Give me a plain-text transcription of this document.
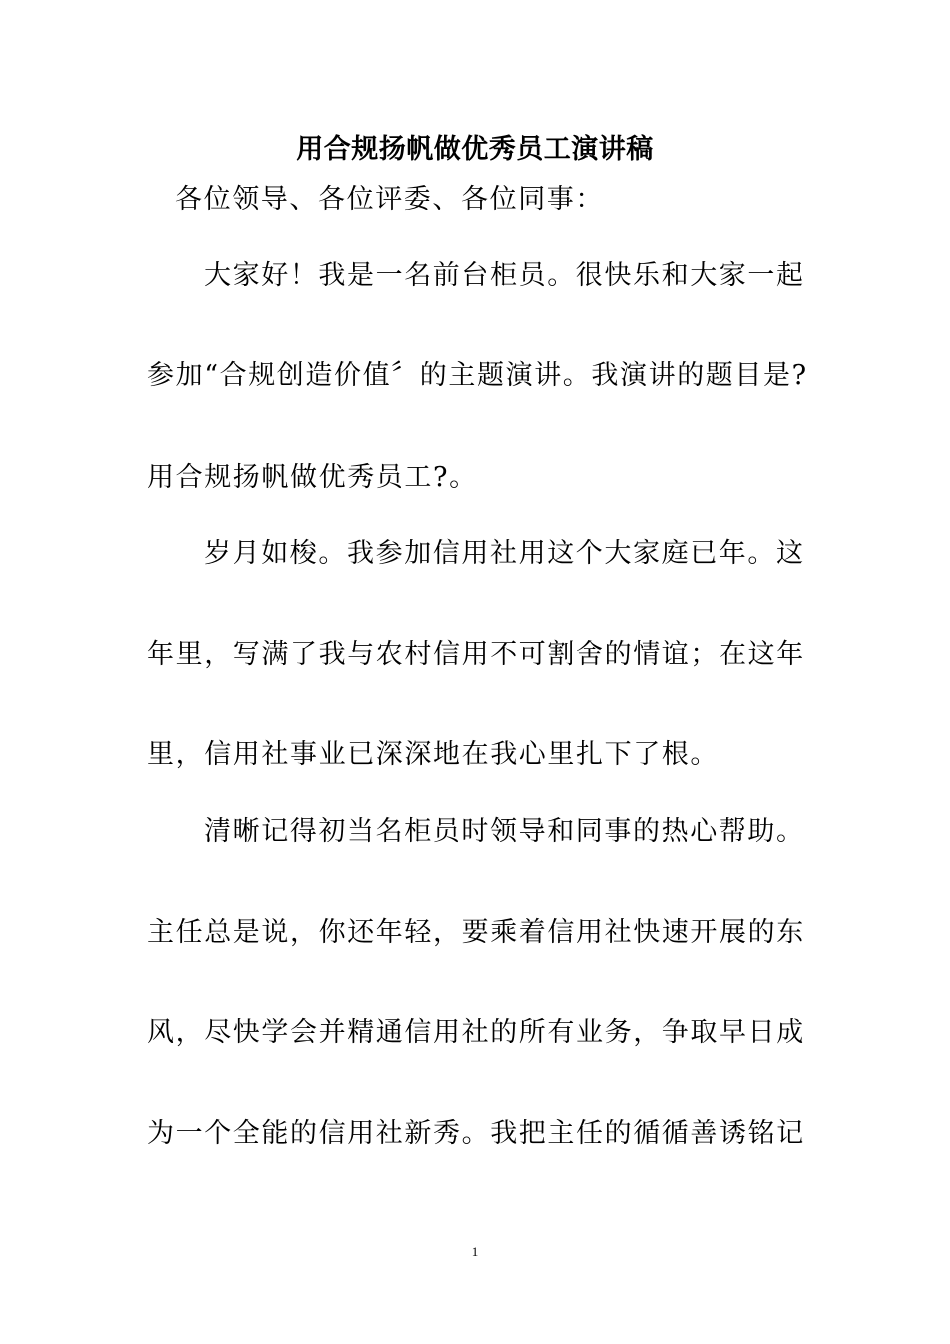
用合规扬帆做优秀员工演讲稿
各位领导、各位评委、各位同事：
大家好！我是一名前台柜员。很快乐和大家一起
参加“合规创造价值〞的主题演讲。我演讲的题目是?
用合规扬帆做优秀员工?。
岁月如梭。我参加信用社用这个大家庭已年。这
年里，写满了我与农村信用不可割舍的情谊；在这年
里，信用社事业已深深地在我心里扎下了根。
清晰记得初当名柜员时领导和同事的热心帮助。
主任总是说，你还年轻，要乘着信用社快速开展的东
风，尽快学会并精通信用社的所有业务，争取早日成
为一个全能的信用社新秀。我把主任的循循善诱铭记
1
